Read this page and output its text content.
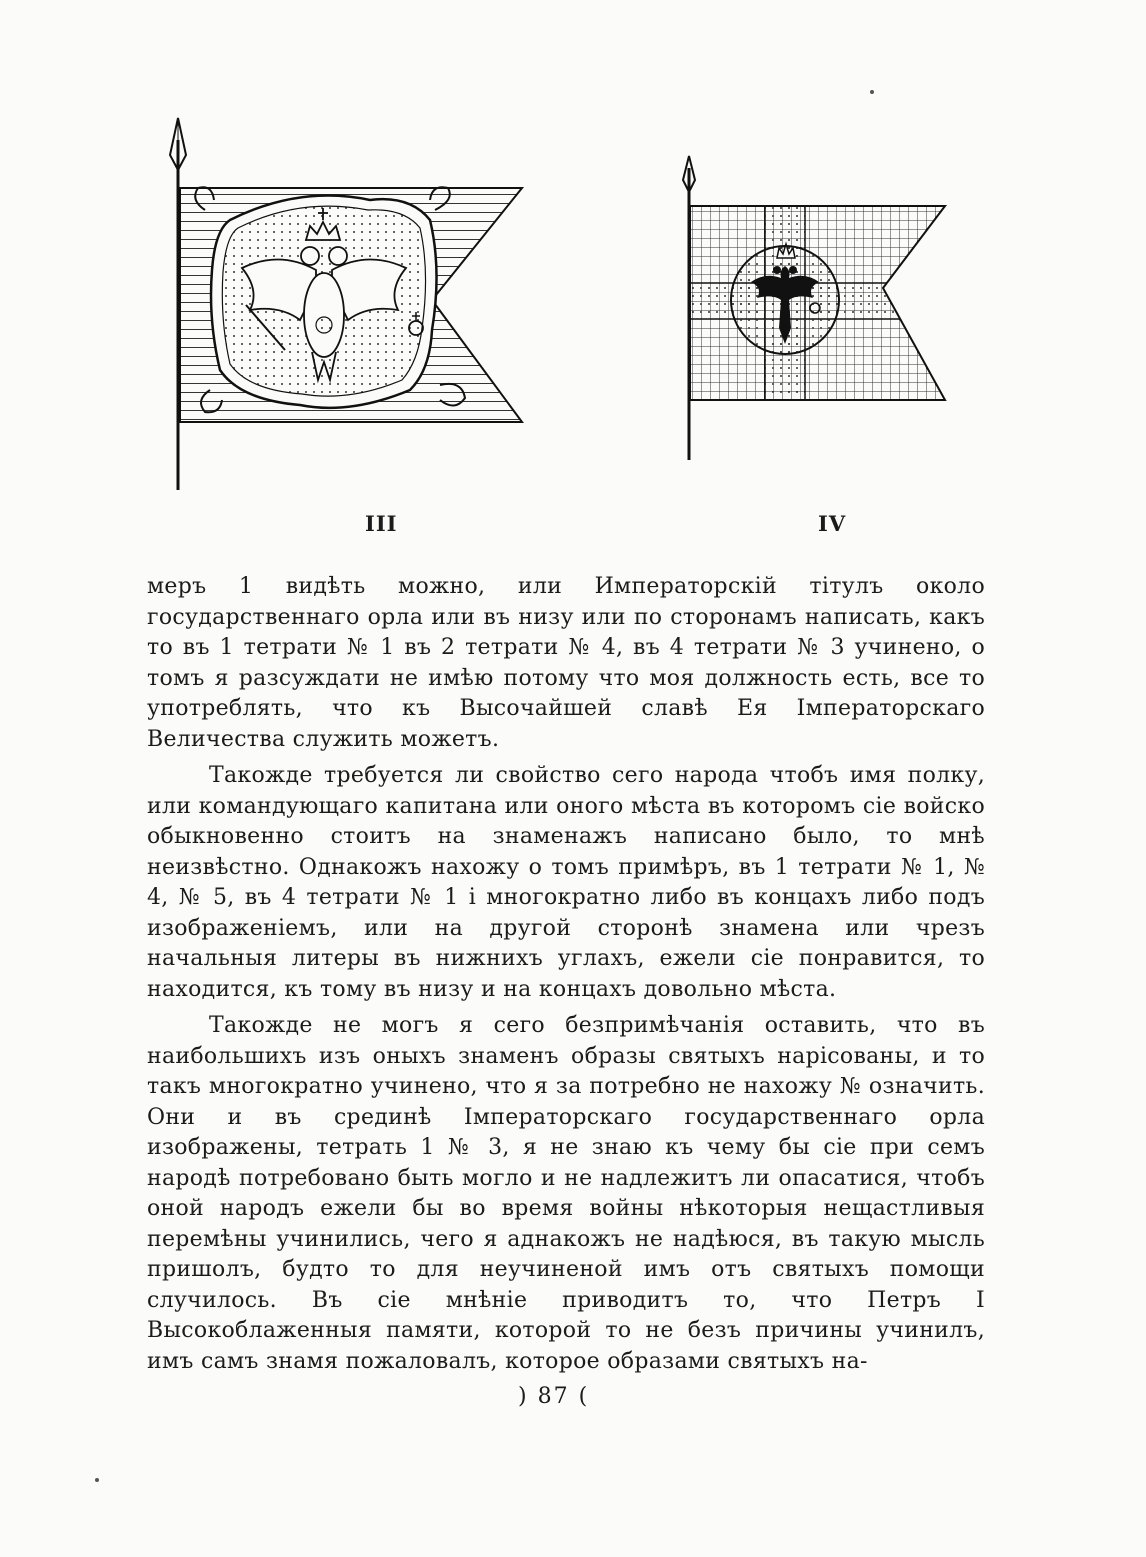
III	IV

меръ 1 видѣть можно, или Императорскій тітулъ около государственнаго орла или въ низу или по сторонамъ написать, какъ то въ 1 тетрати № 1 въ 2 тетрати № 4, въ 4 тетрати № 3 учинено, о томъ я разсуждати не имѣю потому что моя должность есть, все то употреблять, что къ Высочайшей славѣ Ея Імператорскаго Величества служить можетъ.

Такожде требуется ли свойство сего народа чтобъ имя полку, или командующаго капитана или оного мѣста въ которомъ сіе войско обыкновенно стоитъ на знаменажъ написано было, то мнѣ неизвѣстно. Однакожъ нахожу о томъ примѣръ, въ 1 тетрати № 1, № 4, № 5, въ 4 тетрати № 1 і многократно либо въ концахъ либо подъ изображеніемъ, или на другой сторонѣ знамена или чрезъ начальныя литеры въ нижнихъ углахъ, ежели сіе понравится, то находится, къ тому въ низу и на концахъ довольно мѣста.

Такожде не могъ я сего безпримѣчанія оставить, что въ наибольшихъ изъ оныхъ знаменъ образы святыхъ нарісованы, и то такъ многократно учинено, что я за потребно не нахожу № означить. Они и въ срединѣ Імператорскаго государственнаго орла изображены, тетрать 1 № 3, я не знаю къ чему бы сіе при семъ народѣ потребовано быть могло и не надлежитъ ли опасатися, чтобъ оной народъ ежели бы во время войны нѣкоторыя нещастливыя перемѣны учинились, чего я аднакожъ не надѣюся, въ такую мысль пришолъ, будто то для неучиненой имъ отъ святыхъ помощи случилось. Въ сіе мнѣніе приводитъ то, что Петръ I Высокоблаженныя памяти, которой то не безъ причины учинилъ, имъ самъ знамя пожаловалъ, которое образами святыхъ на-

) 87 (
